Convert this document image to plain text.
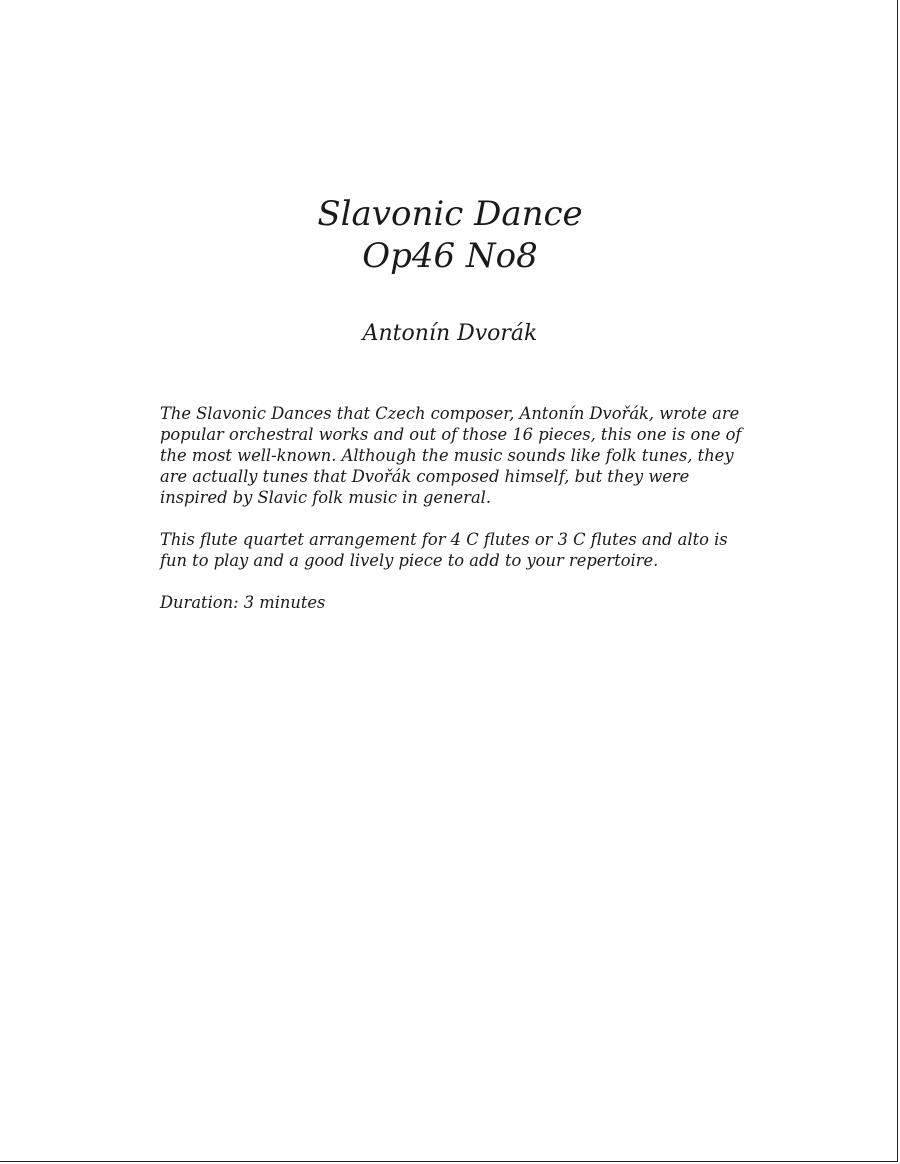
Slavonic Dance
Op46 No8

Antonín Dvorák

The Slavonic Dances that Czech composer, Antonín Dvořák, wrote are popular orchestral works and out of those 16 pieces, this one is one of the most well-known. Although the music sounds like folk tunes, they are actually tunes that Dvořák composed himself, but they were inspired by Slavic folk music in general.

This flute quartet arrangement for 4 C flutes or 3 C flutes and alto is fun to play and a good lively piece to add to your repertoire.

Duration: 3 minutes
